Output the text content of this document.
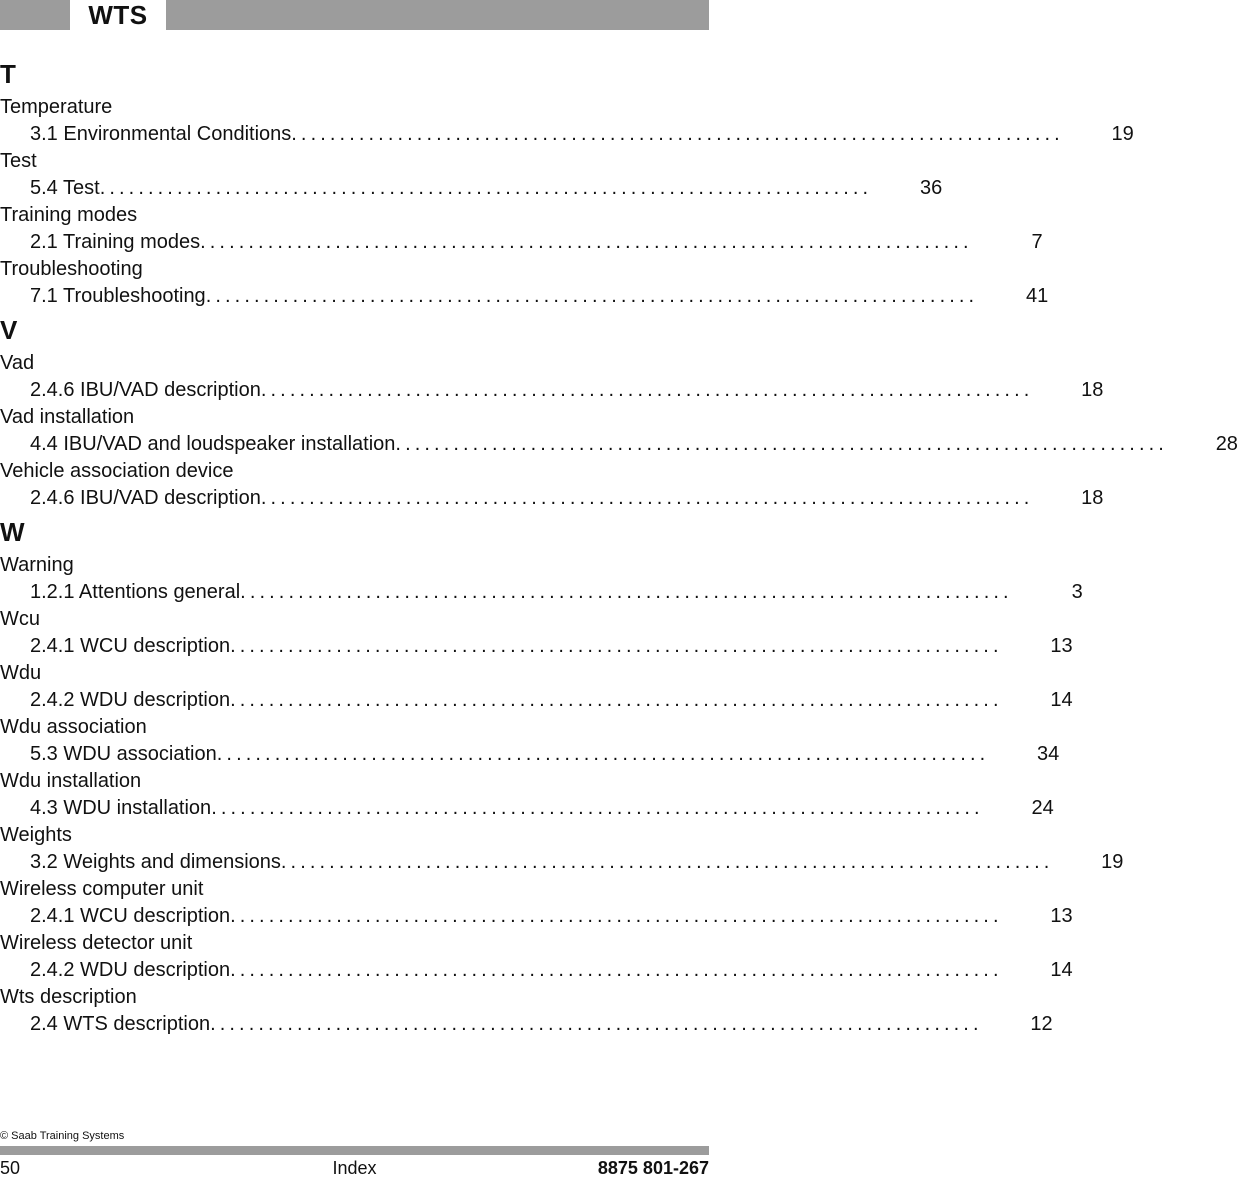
WTS
T
Temperature
3.1 Environmental Conditions ................................................................................	19
Test
5.4 Test ................................................................................	36
Training modes
2.1 Training modes ................................................................................	7
Troubleshooting
7.1 Troubleshooting ................................................................................	41
V
Vad
2.4.6 IBU/VAD description ................................................................................	18
Vad installation
4.4 IBU/VAD and loudspeaker installation ................................................................................	28
Vehicle association device
2.4.6 IBU/VAD description ................................................................................	18
W
Warning
1.2.1 Attentions general ................................................................................	3
Wcu
2.4.1 WCU description ................................................................................	13
Wdu
2.4.2 WDU description ................................................................................	14
Wdu association
5.3 WDU association ................................................................................	34
Wdu installation
4.3 WDU installation ................................................................................	24
Weights
3.2 Weights and dimensions ................................................................................	19
Wireless computer unit
2.4.1 WCU description ................................................................................	13
Wireless detector unit
2.4.2 WDU description ................................................................................	14
Wts description
2.4 WTS description ................................................................................	12
© Saab Training Systems
50	Index	8875 801-267
